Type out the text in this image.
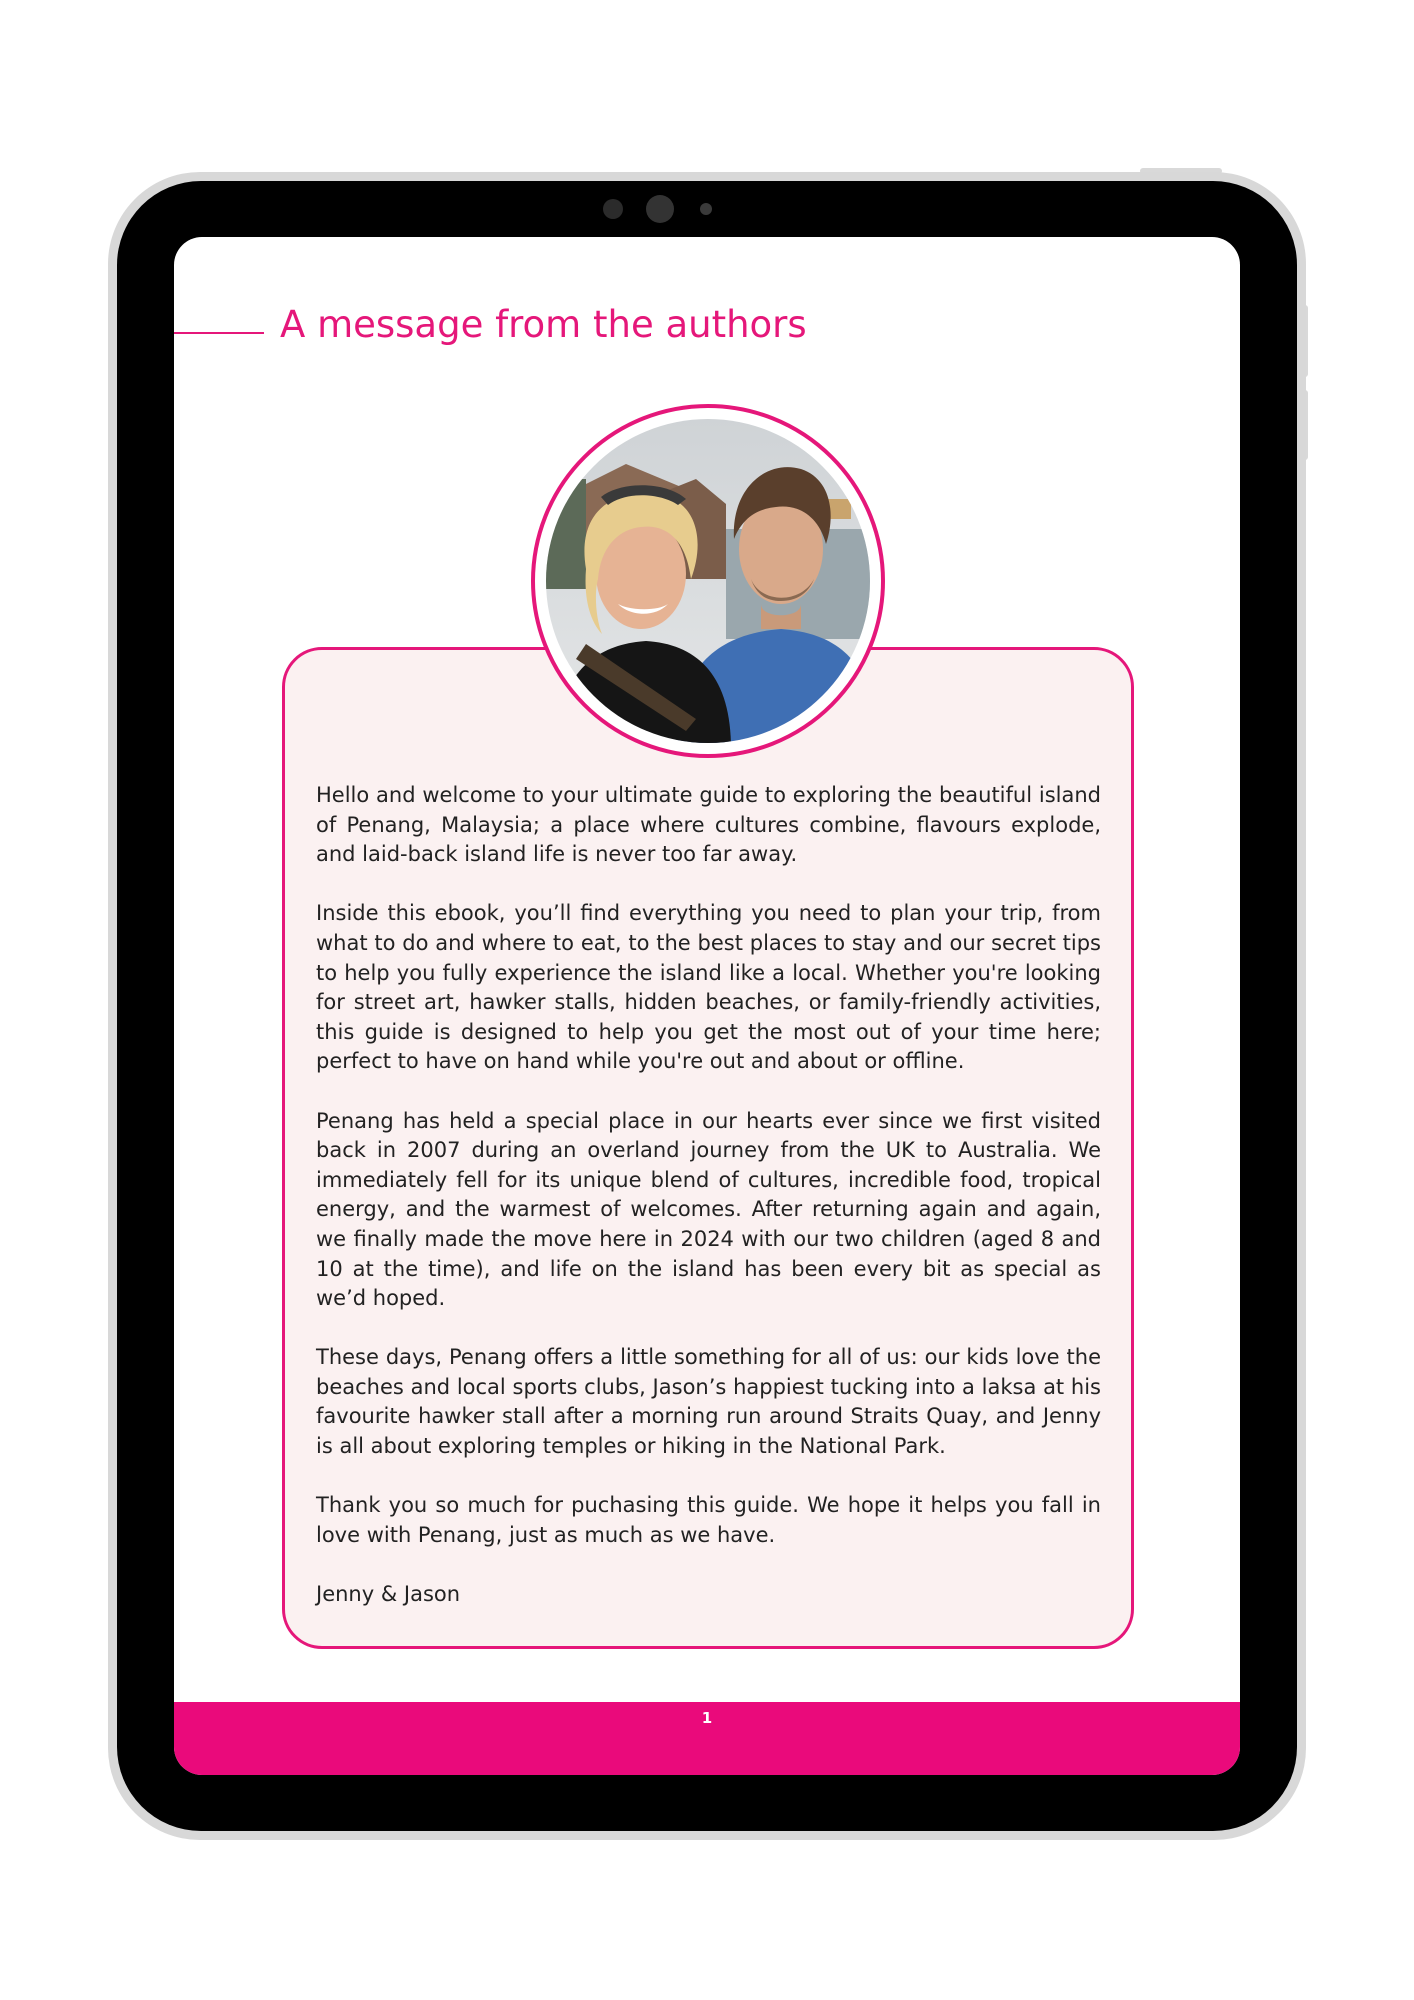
A message from the authors

Hello and welcome to your ultimate guide to exploring the beautiful island of Penang, Malaysia; a place where cultures combine, flavours explode, and laid-back island life is never too far away.

Inside this ebook, you’ll find everything you need to plan your trip, from what to do and where to eat, to the best places to stay and our secret tips to help you fully experience the island like a local. Whether you're looking for street art, hawker stalls, hidden beaches, or family-friendly activities, this guide is designed to help you get the most out of your time here; perfect to have on hand while you're out and about or offline.

Penang has held a special place in our hearts ever since we first visited back in 2007 during an overland journey from the UK to Australia. We immediately fell for its unique blend of cultures, incredible food, tropical energy, and the warmest of welcomes. After returning again and again, we finally made the move here in 2024 with our two children (aged 8 and 10 at the time), and life on the island has been every bit as special as we’d hoped.

These days, Penang offers a little something for all of us: our kids love the beaches and local sports clubs, Jason’s happiest tucking into a laksa at his favourite hawker stall after a morning run around Straits Quay, and Jenny is all about exploring temples or hiking in the National Park.

Thank you so much for puchasing this guide. We hope it helps you fall in love with Penang, just as much as we have.

Jenny & Jason

1
